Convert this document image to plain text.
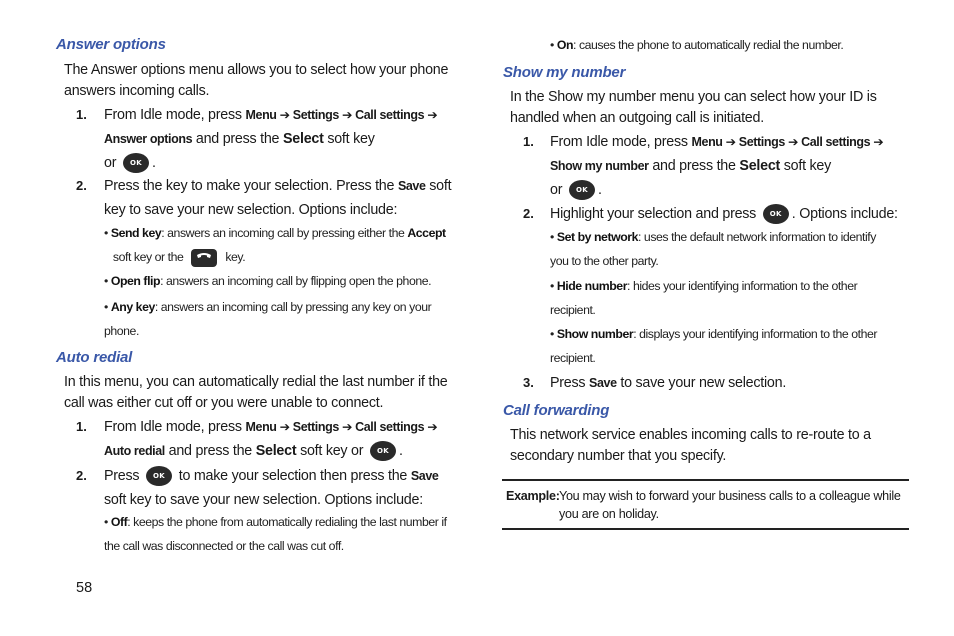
Answer options

The Answer options menu allows you to select how your phone answers incoming calls.

1. From Idle mode, press Menu ➔ Settings ➔ Call settings ➔
Answer options and press the Select soft key
or OK .
2. Press the key to make your selection. Press the Save soft key to save your new selection. Options include:
• Send key: answers an incoming call by pressing either the Accept
soft key or the	key.
• Open flip: answers an incoming call by flipping open the phone.
• Any key: answers an incoming call by pressing any key on your phone.
Auto redial

In this menu, you can automatically redial the last number if the call was either cut off or you were unable to connect.

1. From Idle mode, press Menu ➔ Settings ➔ Call settings ➔
Auto redial and press the Select soft key or OK .
2. Press OK to make your selection then press the Save soft key to save your new selection. Options include:
• Off: keeps the phone from automatically redialing the last number if the call was disconnected or the call was cut off.
• On: causes the phone to automatically redial the number.
Show my number

In the Show my number menu you can select how your ID is handled when an outgoing call is initiated.

1. From Idle mode, press Menu ➔ Settings ➔ Call settings ➔
Show my number and press the Select soft key
or OK .
2. Highlight your selection and press OK . Options include:
• Set by network: uses the default network information to identify you to the other party.
• Hide number: hides your identifying information to the other recipient.
• Show number: displays your identifying information to the other recipient.
3. Press Save to save your new selection.
Call forwarding

This network service enables incoming calls to re-route to a secondary number that you specify.

Example: You may wish to forward your business calls to a colleague while you are on holiday.
58
